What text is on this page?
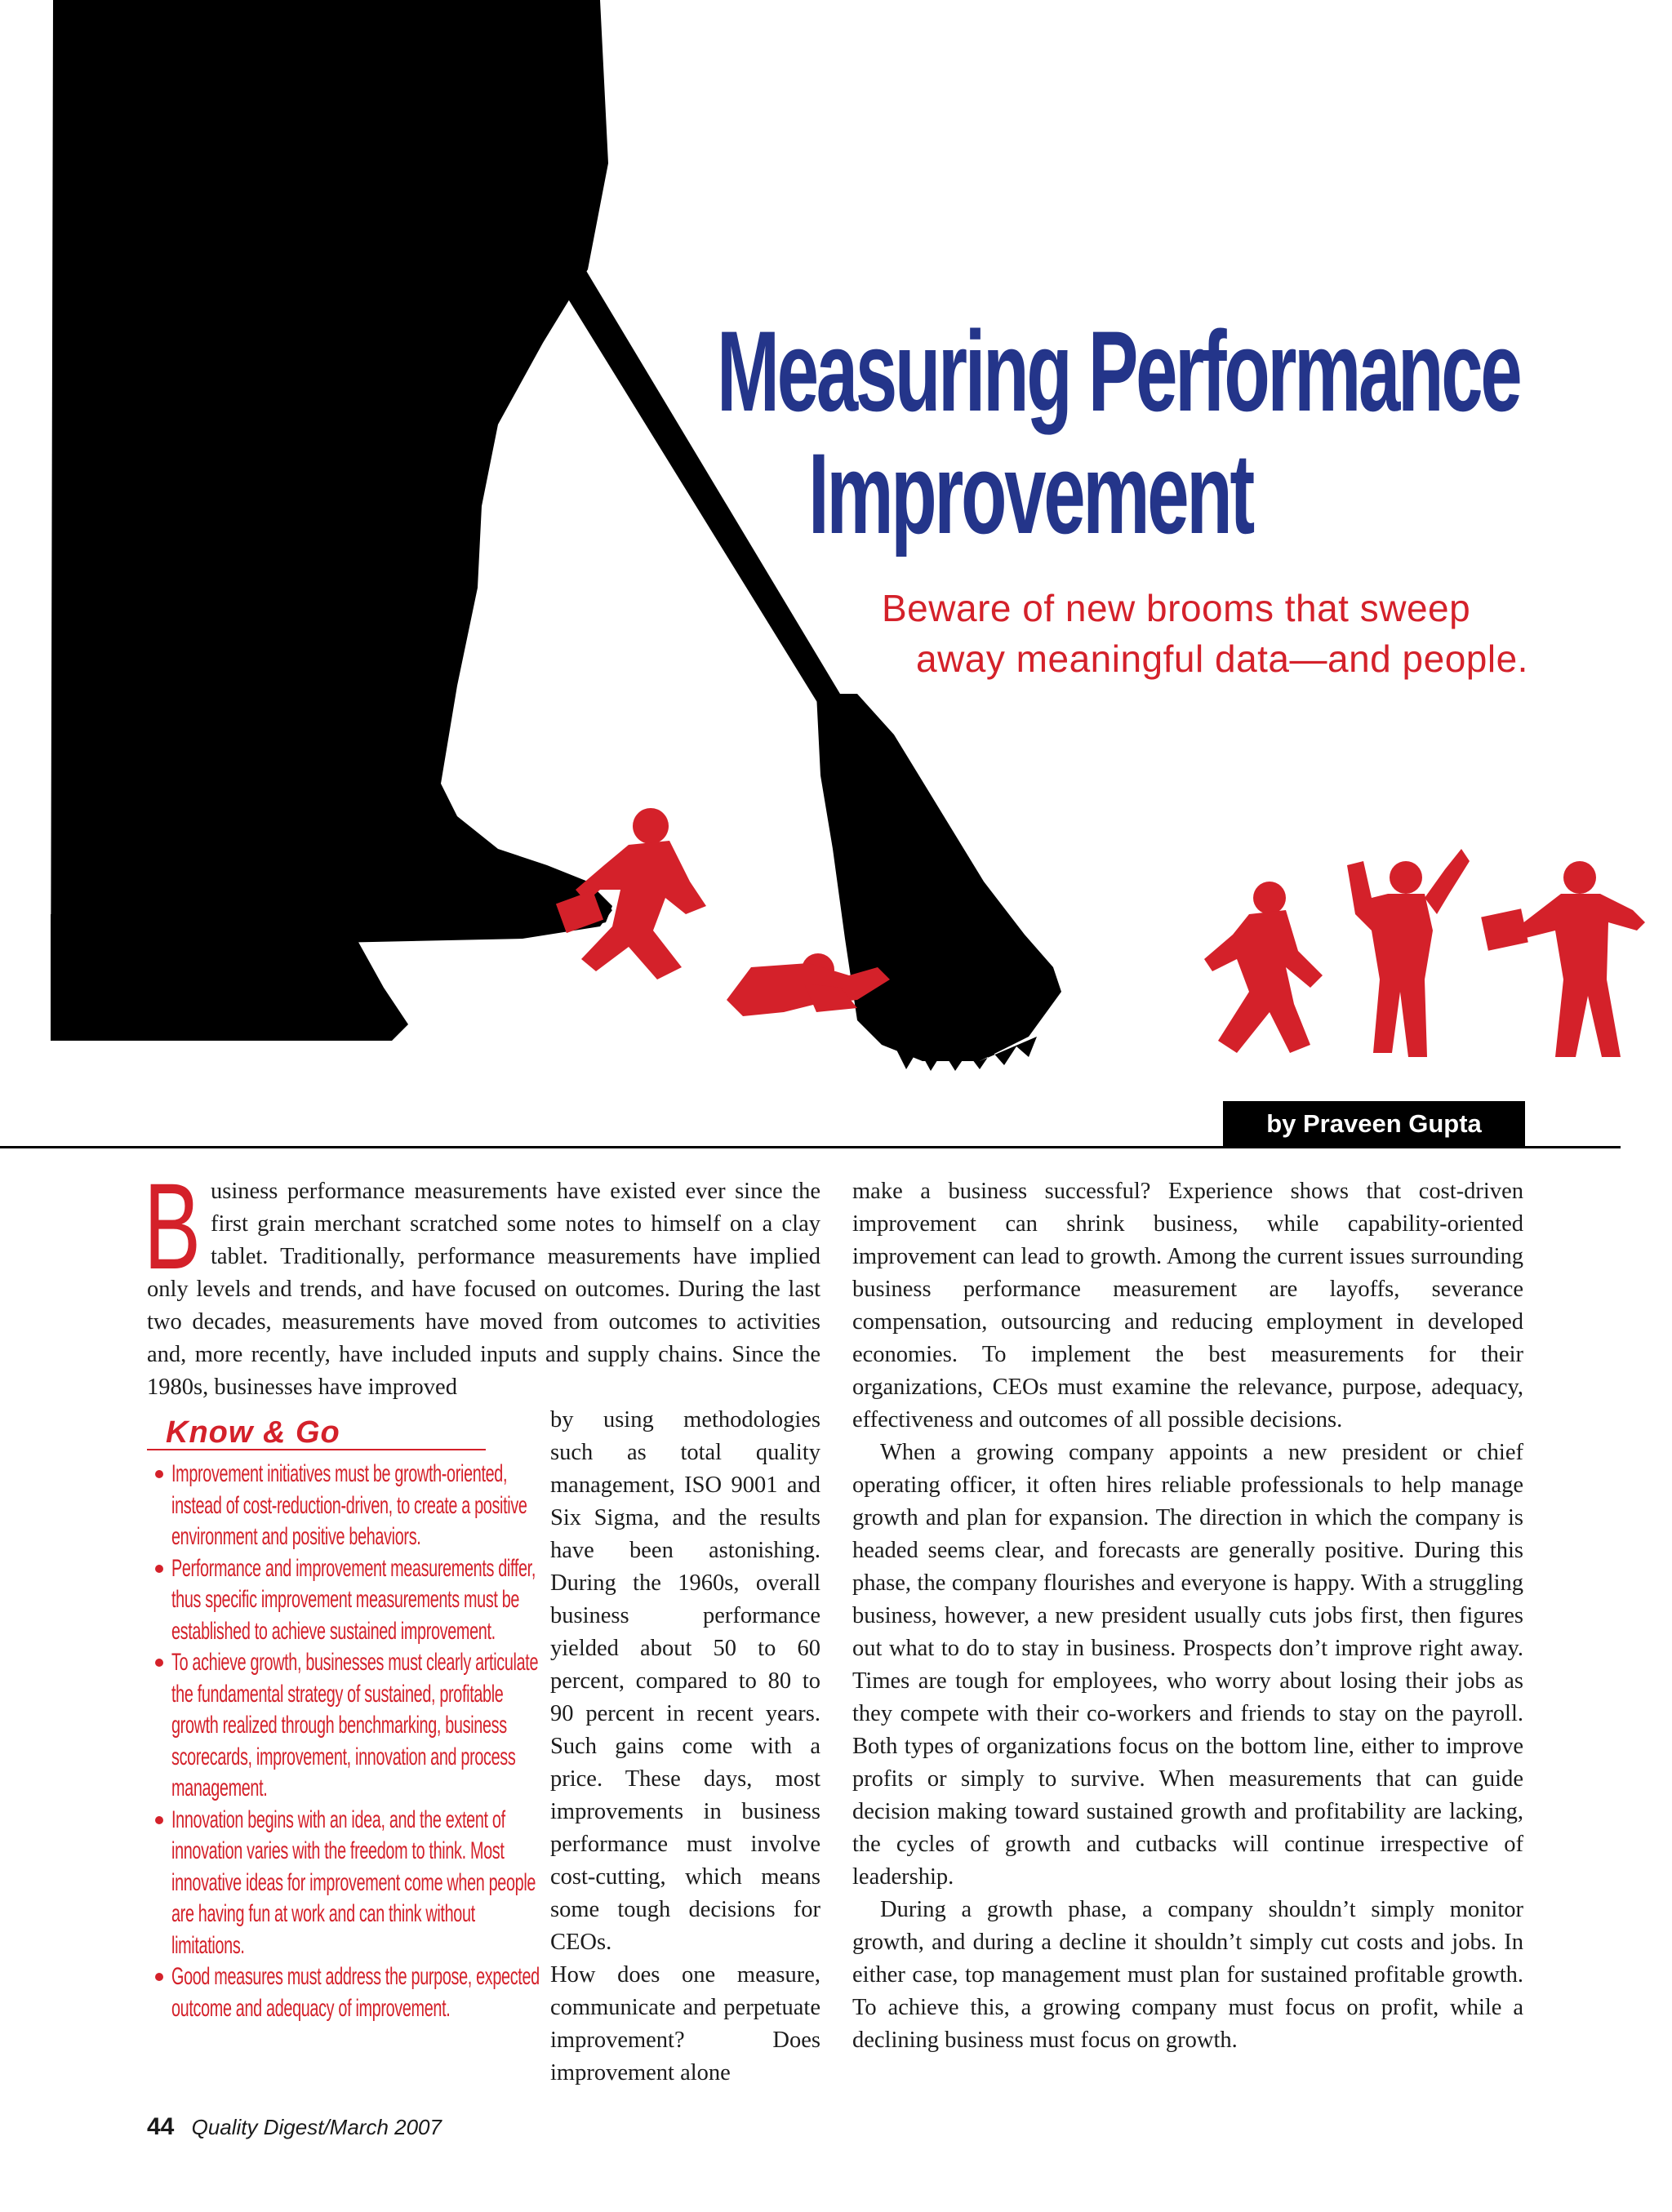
Measuring Performance
Improvement
Beware of new brooms that sweep
away meaningful data—and people.
by Praveen Gupta
B usiness performance measurements have existed ever since the first grain merchant scratched some notes to himself on a clay tablet. Traditionally, performance measurements have implied only levels and trends, and have focused on outcomes. During the last two decades, measurements have moved from outcomes to activities and, more recently, have included inputs and supply chains. Since the 1980s, businesses have improved

by using methodologies such as total quality management, ISO 9001 and Six Sigma, and the results have been astonishing. During the 1960s, overall business performance yielded about 50 to 60 percent, compared to 80 to 90 percent in recent years. Such gains come with a price. These days, most improvements in business performance must involve cost-cutting, which means some tough decisions for CEOs.

How does one measure, communicate and perpetuate improvement? Does improvement alone

Know & Go
Improvement initiatives must be growth-oriented, instead of cost-reduction-driven, to create a positive environment and positive behaviors.
Performance and improvement measurements differ, thus specific improvement measurements must be established to achieve sustained improvement.
To achieve growth, businesses must clearly articulate the fundamental strategy of sustained, profitable growth realized through benchmarking, business scorecards, improvement, innovation and process management.
Innovation begins with an idea, and the extent of innovation varies with the freedom to think. Most innovative ideas for improvement come when people are having fun at work and can think without limitations.
Good measures must address the purpose, expected outcome and adequacy of improvement.

make a business successful? Experience shows that cost-driven improvement can shrink business, while capability-oriented improvement can lead to growth. Among the current issues surrounding business performance measurement are layoffs, severance compensation, outsourcing and reducing employment in developed economies. To implement the best measurements for their organizations, CEOs must examine the relevance, purpose, adequacy, effectiveness and outcomes of all possible decisions.

When a growing company appoints a new president or chief operating officer, it often hires reliable professionals to help manage growth and plan for expansion. The direction in which the company is headed seems clear, and forecasts are generally positive. During this phase, the company flourishes and everyone is happy. With a struggling business, however, a new president usually cuts jobs first, then figures out what to do to stay in business. Prospects don’t improve right away. Times are tough for employees, who worry about losing their jobs as they compete with their co-workers and friends to stay on the payroll. Both types of organizations focus on the bottom line, either to improve profits or simply to survive. When measurements that can guide decision making toward sustained growth and profitability are lacking, the cycles of growth and cutbacks will continue irrespective of leadership.

During a growth phase, a company shouldn’t simply monitor growth, and during a decline it shouldn’t simply cut costs and jobs. In either case, top management must plan for sustained profitable growth. To achieve this, a growing company must focus on profit, while a declining business must focus on growth.

44 Quality Digest/March 2007
